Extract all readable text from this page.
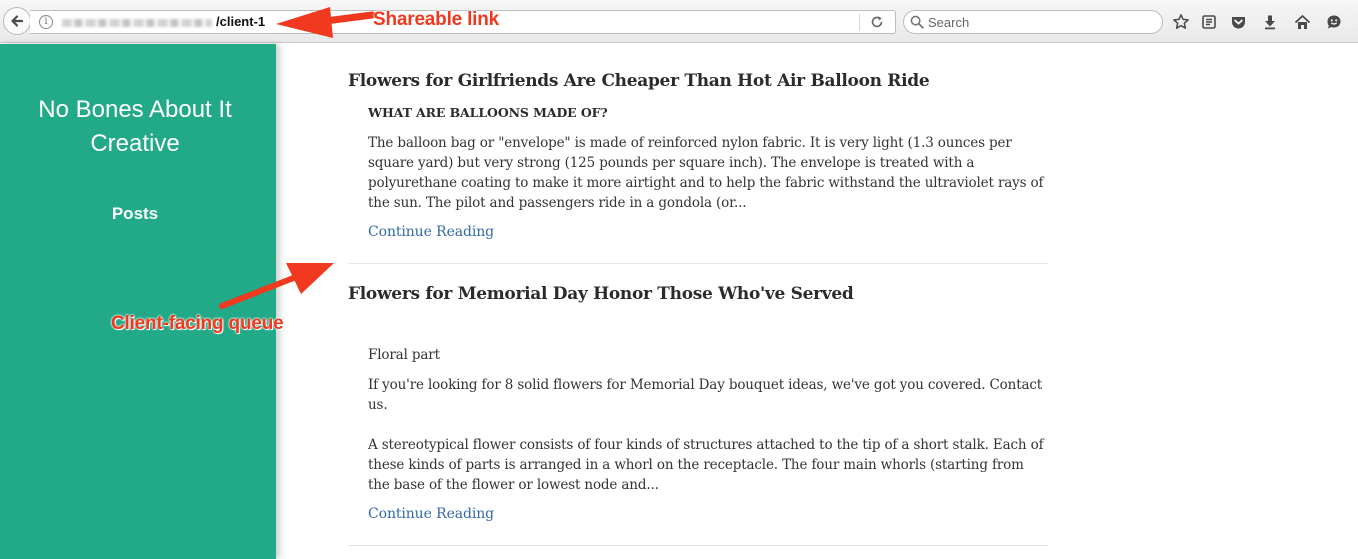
i	/client-1
Search
No Bones About It Creative
Posts
Flowers for Girlfriends Are Cheaper Than Hot Air Balloon Ride
WHAT ARE BALLOONS MADE OF?
The balloon bag or "envelope" is made of reinforced nylon fabric. It is very light (1.3 ounces per square yard) but very strong (125 pounds per square inch). The envelope is treated with a polyurethane coating to make it more airtight and to help the fabric withstand the ultraviolet rays of the sun. The pilot and passengers ride in a gondola (or...
Continue Reading
Flowers for Memorial Day Honor Those Who've Served
Floral part
If you're looking for 8 solid flowers for Memorial Day bouquet ideas, we've got you covered. Contact us.
A stereotypical flower consists of four kinds of structures attached to the tip of a short stalk. Each of these kinds of parts is arranged in a whorl on the receptacle. The four main whorls (starting from the base of the flower or lowest node and...
Continue Reading
Shareable link
Client-facing queue
